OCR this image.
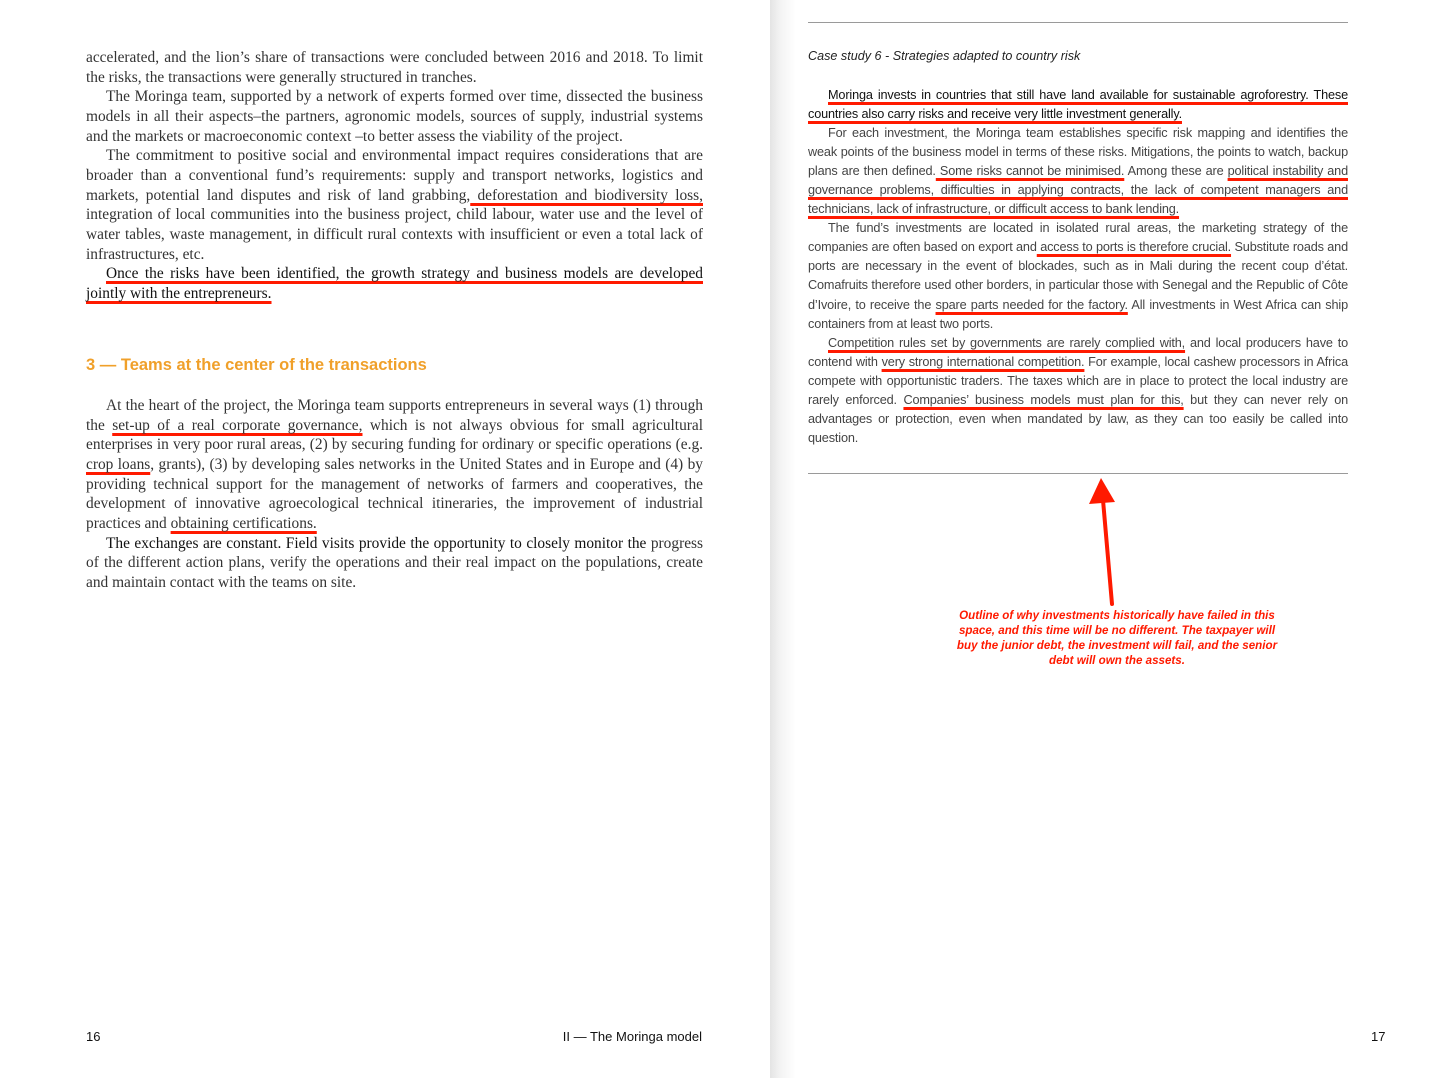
accelerated, and the lion’s share of transactions were concluded between 2016 and 2018. To limit the risks, the transactions were generally structured in tranches.

The Moringa team, supported by a network of experts formed over time, dissected the business models in all their aspects–the partners, agronomic models, sources of supply, industrial systems and the markets or macroeconomic context –to better assess the viability of the project.

The commitment to positive social and environmental impact requires considerations that are broader than a conventional fund’s requirements: supply and transport networks, logistics and markets, potential land disputes and risk of land grabbing, deforestation and biodiversity loss, integration of local communities into the business project, child labour, water use and the level of water tables, waste management, in difficult rural contexts with insufficient or even a total lack of infrastructures, etc.

Once the risks have been identified, the growth strategy and business models are developed jointly with the entrepreneurs.

3 — Teams at the center of the transactions

At the heart of the project, the Moringa team supports entrepreneurs in several ways (1) through the set-up of a real corporate governance, which is not always obvious for small agricultural enterprises in very poor rural areas, (2) by securing funding for ordinary or specific operations (e.g. crop loans, grants), (3) by developing sales networks in the United States and in Europe and (4) by providing technical support for the management of networks of farmers and cooperatives, the development of innovative agroecological technical itineraries, the improvement of industrial practices and obtaining certifications.

The exchanges are constant. Field visits provide the opportunity to closely monitor the progress of the different action plans, verify the operations and their real impact on the populations, create and maintain contact with the teams on site.

16	II — The Moringa model

Case study 6 - Strategies adapted to country risk

Moringa invests in countries that still have land available for sustainable agroforestry. These countries also carry risks and receive very little investment generally.

For each investment, the Moringa team establishes specific risk mapping and identifies the weak points of the business model in terms of these risks. Mitigations, the points to watch, backup plans are then defined. Some risks cannot be minimised. Among these are political instability and governance problems, difficulties in applying contracts, the lack of competent managers and technicians, lack of infrastructure, or difficult access to bank lending.

The fund’s investments are located in isolated rural areas, the marketing strategy of the companies are often based on export and access to ports is therefore crucial. Substitute roads and ports are necessary in the event of blockades, such as in Mali during the recent coup d’état. Comafruits therefore used other borders, in particular those with Senegal and the Republic of Côte d’Ivoire, to receive the spare parts needed for the factory. All investments in West Africa can ship containers from at least two ports.

Competition rules set by governments are rarely complied with, and local producers have to contend with very strong international competition. For example, local cashew processors in Africa compete with opportunistic traders. The taxes which are in place to protect the local industry are rarely enforced. Companies’ business models must plan for this, but they can never rely on advantages or protection, even when mandated by law, as they can too easily be called into question.

Outline of why investments historically have failed in this space, and this time will be no different. The taxpayer will buy the junior debt, the investment will fail, and the senior debt will own the assets.

17
